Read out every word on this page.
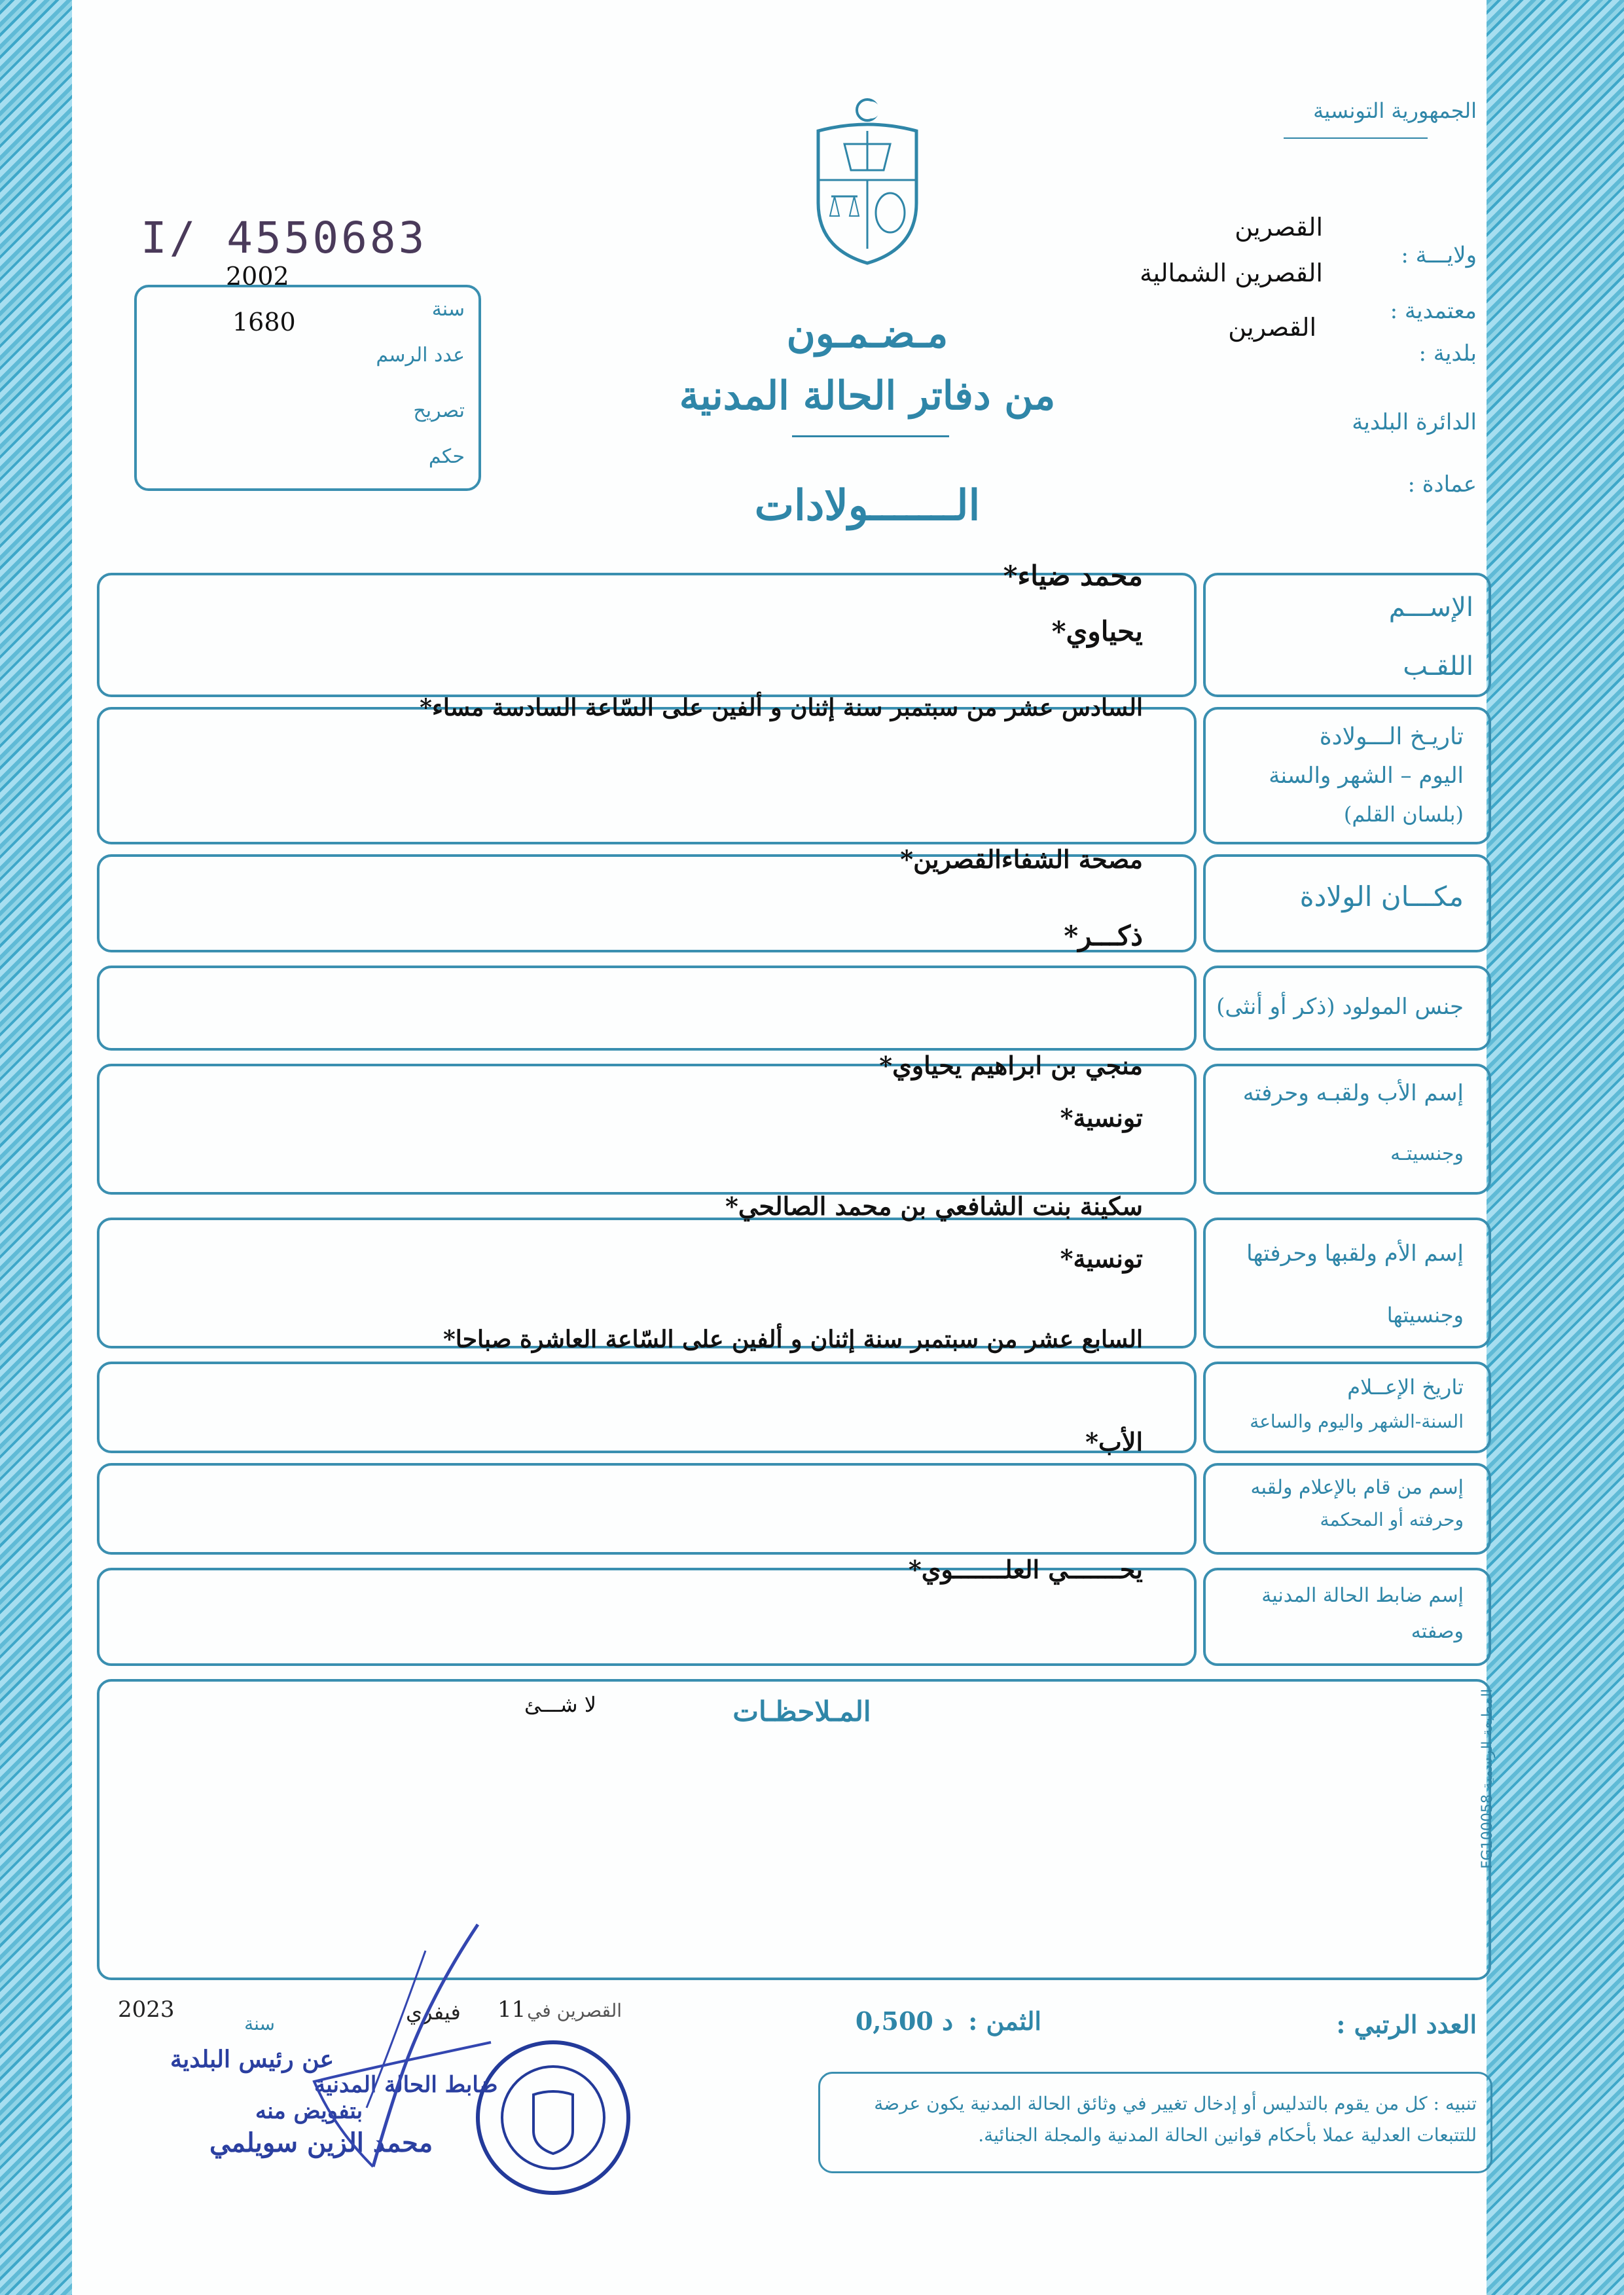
الجمهورية التونسية
ولايـــة :
القصرين
معتمدية :
القصرين الشمالية
بلدية :
القصرين
الدائرة البلدية
عمادة :
I/ 4550683
2002
1680	سنة
عدد الرسم
تصريح
حكم
مـضـمـون
من دفاتر الحالة المدنية
الـــــــولادات
الإســـم
اللقـب
محمد ضياء*
يحياوي*
تاريـخ الـــولادة
اليوم – الشهر والسنة
(بلسان القلم)
السادس عشر من سبتمبر سنة إثنان و ألفين على السّاعة السادسة مساء*
مكـــان الولادة
مصحة الشفاءالقصرين*
جنس المولود (ذكر أو أنثى)
ذكـــر*
إسم الأب ولقبـه وحرفته
وجنسيتـه
منجي بن ابراهيم يحياوي*
تونسية*
إسم الأم ولقبها وحرفتها
وجنسيتها
سكينة بنت الشافعي بن محمد الصالحي*
تونسية*
تاريخ الإعــلام
السنة-الشهر واليوم والساعة
السابع عشر من سبتمبر سنة إثنان و ألفين على السّاعة العاشرة صباحا*
إسم من قام بالإعلام ولقبه
وحرفته أو المحكمة
الأب*
إسم ضابط الحالة المدنية
وصفته
يحـــــــي العلـــــــوي*
المـلاحظـات
لا شـــئ
المطبعة الرسمية FG100058
العدد الرتبي :
الثمن :
0,500 د
2023
سنة	فيفري 11 القصرين في
تنبيه : كل من يقوم بالتدليس أو إدخال تغيير في وثائق الحالة المدنية يكون عرضة للتتبعات العدلية عملا بأحكام قوانين الحالة المدنية والمجلة الجنائية.
عن رئيس البلدية
ضابط الحالة المدنية
بتفويض منه
محمد الزين سويلمي
